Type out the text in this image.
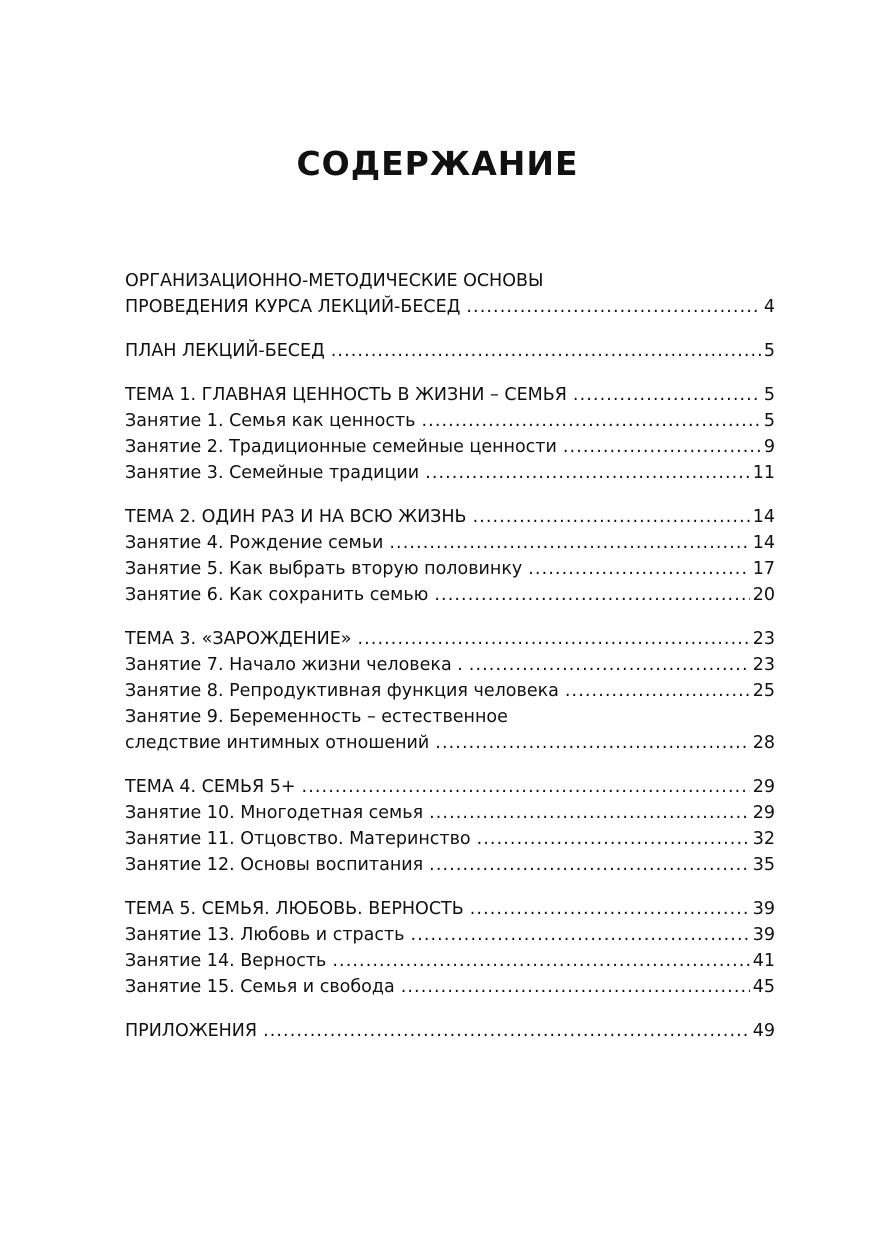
СОДЕРЖАНИЕ
ОРГАНИЗАЦИОННО-МЕТОДИЧЕСКИЕ ОСНОВЫ
ПРОВЕДЕНИЯ КУРСА ЛЕКЦИЙ-БЕСЕД .....	4
ПЛАН ЛЕКЦИЙ-БЕСЕД .....	5
ТЕМА 1. ГЛАВНАЯ ЦЕННОСТЬ В ЖИЗНИ – СЕМЬЯ .....	5
Занятие 1. Семья как ценность .....	5
Занятие 2. Традиционные семейные ценности .....	9
Занятие 3. Семейные традиции .....	11
ТЕМА 2. ОДИН РАЗ И НА ВСЮ ЖИЗНЬ .....	14
Занятие 4. Рождение семьи .....	14
Занятие 5. Как выбрать вторую половинку .....	17
Занятие 6. Как сохранить семью .....	20
ТЕМА 3. «ЗАРОЖДЕНИЕ» .....	23
Занятие 7. Начало жизни человека . .....	23
Занятие 8. Репродуктивная функция человека .....	25
Занятие 9. Беременность – естественное
следствие интимных отношений .....	28
ТЕМА 4. СЕМЬЯ 5+ .....	29
Занятие 10. Многодетная семья .....	29
Занятие 11. Отцовство. Материнство .....	32
Занятие 12. Основы воспитания .....	35
ТЕМА 5. СЕМЬЯ. ЛЮБОВЬ. ВЕРНОСТЬ .....	39
Занятие 13. Любовь и страсть .....	39
Занятие 14. Верность .....	41
Занятие 15. Семья и свобода .....	45
ПРИЛОЖЕНИЯ .....	49
